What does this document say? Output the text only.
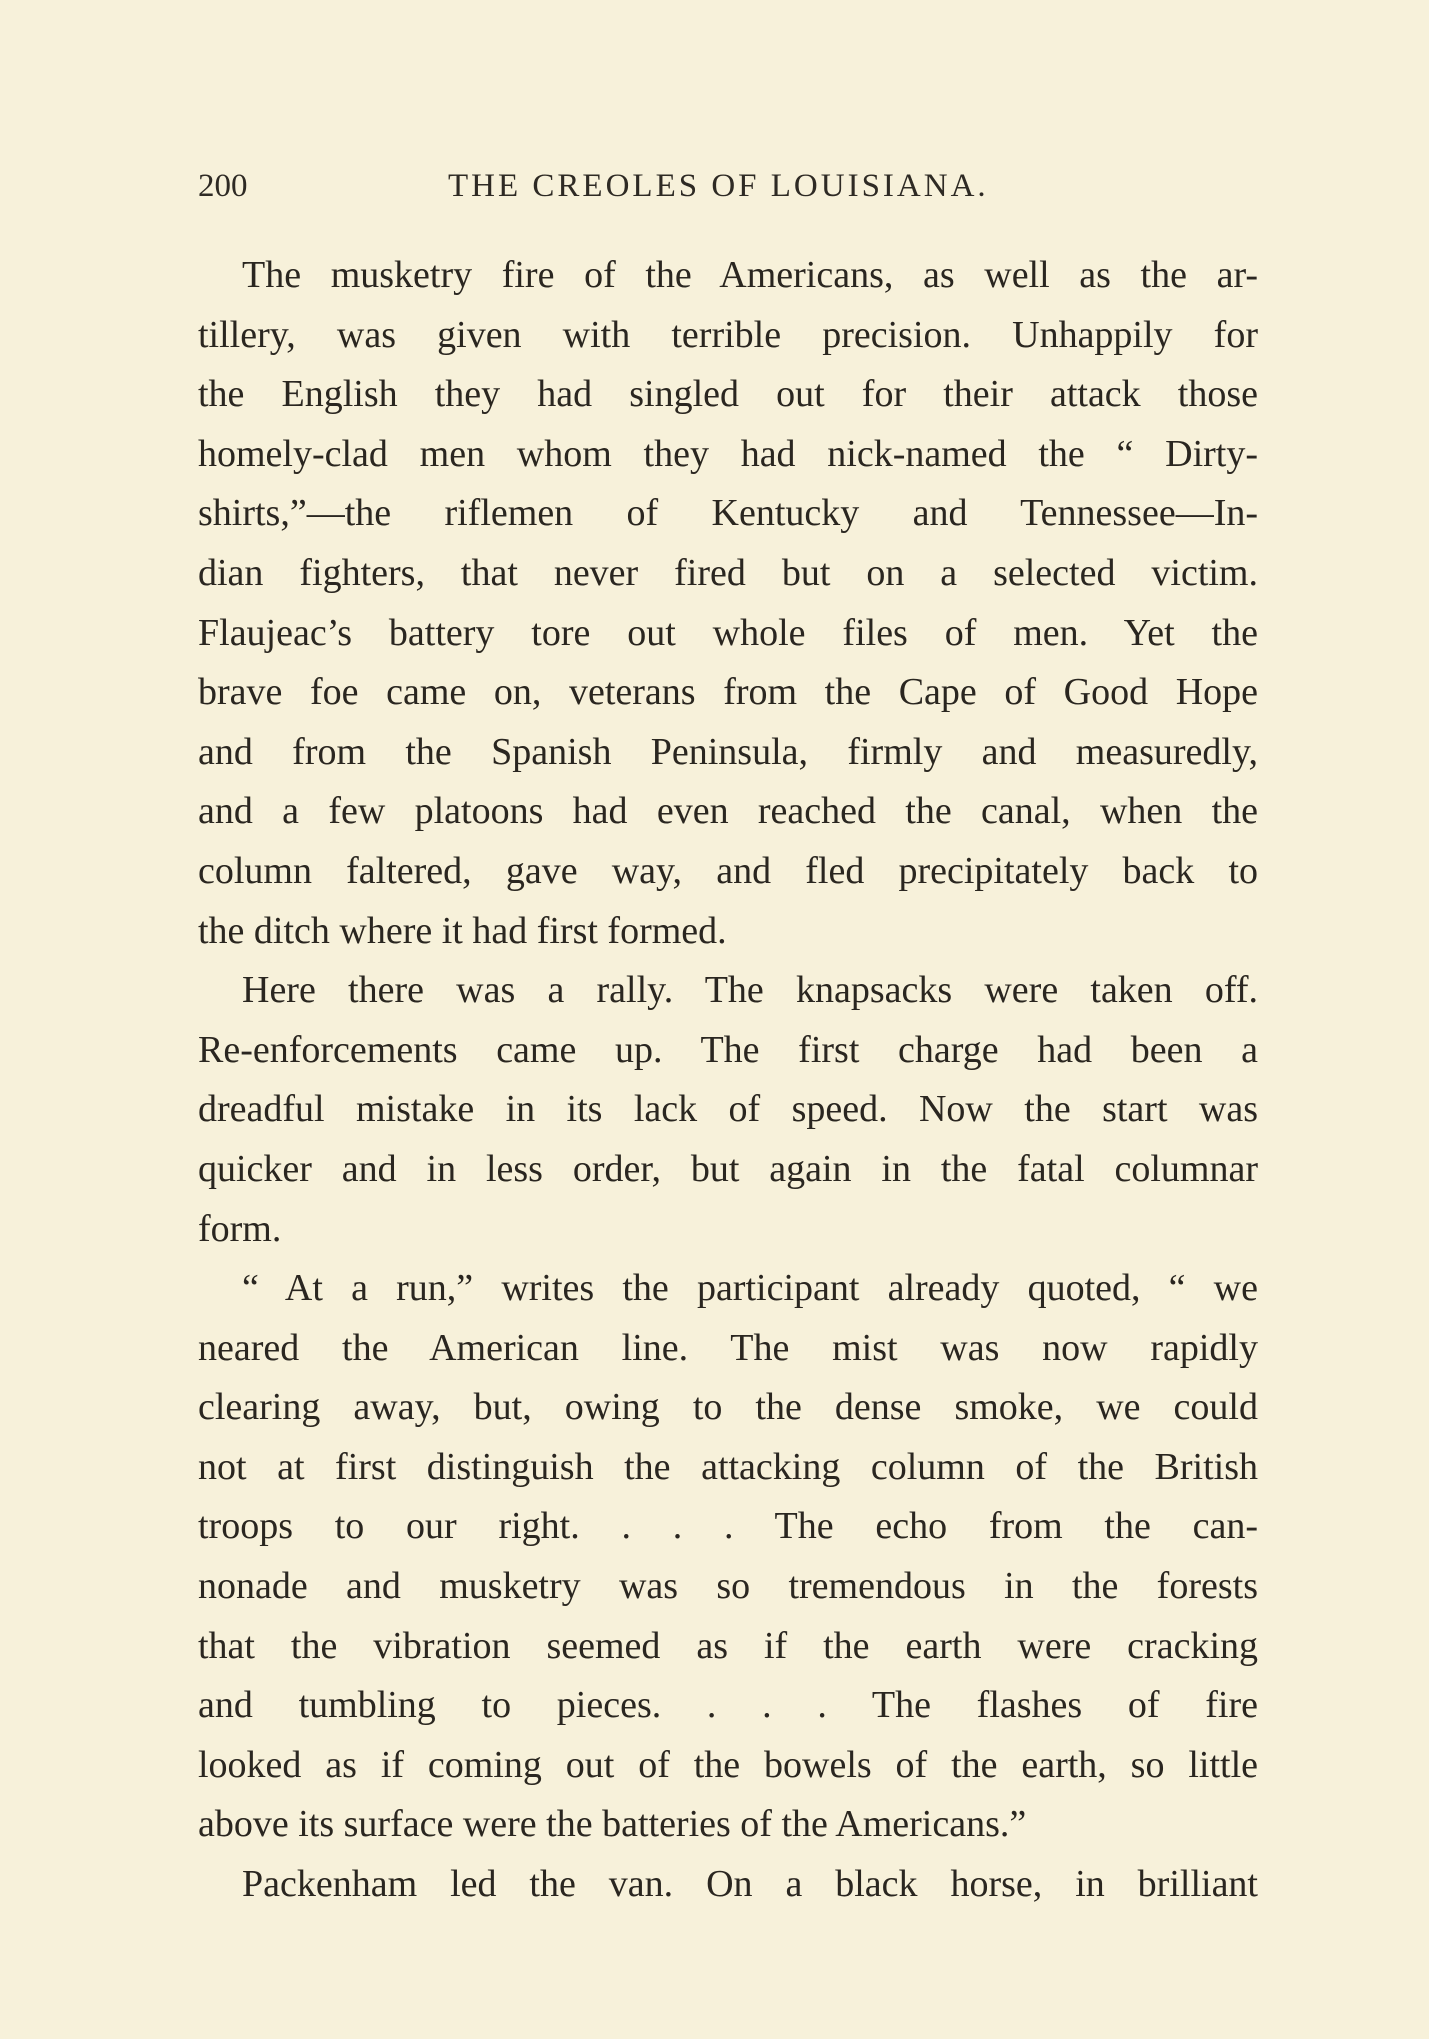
200	THE CREOLES OF LOUISIANA.
The musketry fire of the Americans, as well as the ar-
tillery, was given with terrible precision. Unhappily for
the English they had singled out for their attack those
homely-clad men whom they had nick-named the “ Dirty-
shirts,”—the riflemen of Kentucky and Tennessee—In-
dian fighters, that never fired but on a selected victim.
Flaujeac’s battery tore out whole files of men. Yet the
brave foe came on, veterans from the Cape of Good Hope
and from the Spanish Peninsula, firmly and measuredly,
and a few platoons had even reached the canal, when the
column faltered, gave way, and fled precipitately back to
the ditch where it had first formed.
Here there was a rally. The knapsacks were taken off.
Re-enforcements came up. The first charge had been a
dreadful mistake in its lack of speed. Now the start was
quicker and in less order, but again in the fatal columnar
form.
“ At a run,” writes the participant already quoted, “ we
neared the American line. The mist was now rapidly
clearing away, but, owing to the dense smoke, we could
not at first distinguish the attacking column of the British
troops to our right. . . . The echo from the can-
nonade and musketry was so tremendous in the forests
that the vibration seemed as if the earth were cracking
and tumbling to pieces. . . . The flashes of fire
looked as if coming out of the bowels of the earth, so little
above its surface were the batteries of the Americans.”
Packenham led the van. On a black horse, in brilliant
